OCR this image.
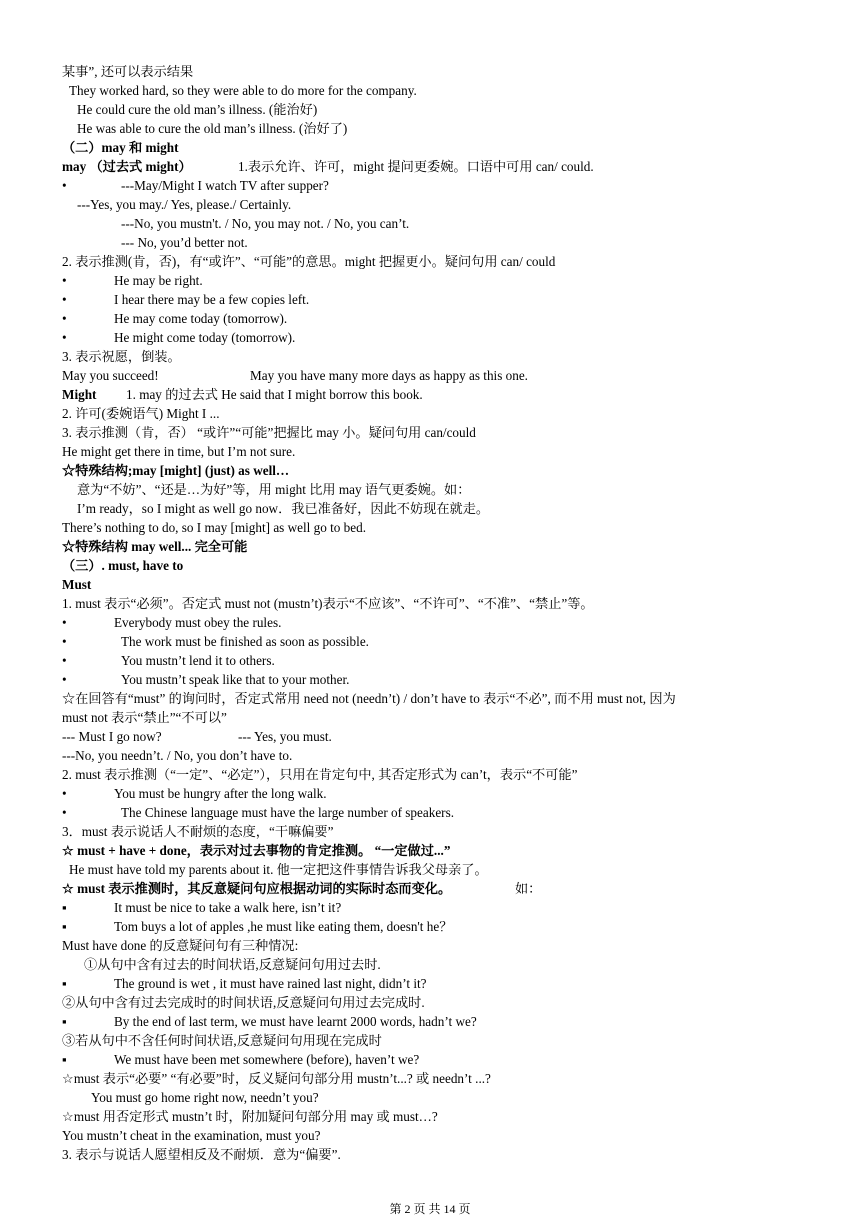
某事”, 还可以表示结果
They worked hard, so they were able to do more for the company.
He could cure the old man’s illness. (能治好)
He was able to cure the old man’s illness. (治好了)
（二）may 和 might
may （过去式 might）	1.表示允许、许可，might 提问更委婉。口语中可用 can/ could.
•	---May/Might I watch TV after supper?
---Yes, you may./ Yes, please./ Certainly.
---No, you mustn't. / No, you may not. / No, you can’t.
--- No, you’d better not.
2. 表示推测(肯，否)，有“或许”、“可能”的意思。might 把握更小。疑问句用 can/ could
•	He may be right.
•	I hear there may be a few copies left.
•	He may come today (tomorrow).
•	He might come today (tomorrow).
3. 表示祝愿，倒装。
May you succeed!	May you have many more days as happy as this one.
Might 1. may 的过去式 He said that I might borrow this book.
2. 许可(委婉语气) Might I ...
3. 表示推测（肯，否） “或许”“可能”把握比 may 小。疑问句用 can/could
He might get there in time, but I’m not sure.
☆特殊结构;may [might] (just) as well…
意为“不妨”、“还是…为好”等，用 might 比用 may 语气更委婉。如：
I’m ready，so I might as well go now．我已准备好，因此不妨现在就走。
There’s nothing to do, so I may [might] as well go to bed.
☆特殊结构 may well... 完全可能
（三）. must, have to
Must
1. must 表示“必须”。否定式 must not (mustn’t)表示“不应该”、“不许可”、“不准”、“禁止”等。
•	Everybody must obey the rules.
•	The work must be finished as soon as possible.
•	You mustn’t lend it to others.
•	You mustn’t speak like that to your mother.
☆在回答有“must” 的询问时，否定式常用 need not (needn’t) / don’t have to 表示“不必”, 而不用 must not, 因为
must not 表示“禁止”“不可以”
--- Must I go now?	--- Yes, you must.
---No, you needn’t. / No, you don’t have to.
2. must 表示推测（“一定”、“必定”），只用在肯定句中, 其否定形式为 can’t，表示“不可能”
•	You must be hungry after the long walk.
•	The Chinese language must have the large number of speakers.
3．must 表示说话人不耐烦的态度，“干嘛偏要”
☆ must + have + done，表示对过去事物的肯定推测。 “一定做过...”
He must have told my parents about it. 他一定把这件事情告诉我父母亲了。
☆ must 表示推测时，其反意疑问句应根据动词的实际时态而变化。	如：
▪	It must be nice to take a walk here, isn’t it?
▪	Tom buys a lot of apples ,he must like eating them, doesn't he？
Must have done 的反意疑问句有三种情况:
①从句中含有过去的时间状语,反意疑问句用过去时.
▪	The ground is wet , it must have rained last night, didn’t it?
②从句中含有过去完成时的时间状语,反意疑问句用过去完成时.
▪	By the end of last term, we must have learnt 2000 words, hadn’t we?
③若从句中不含任何时间状语,反意疑问句用现在完成时
▪	We must have been met somewhere (before), haven’t we?
☆must 表示“必要” “有必要”时，反义疑问句部分用 mustn’t...? 或 needn’t ...?
You must go home right now, needn’t you?
☆must 用否定形式 mustn’t 时，附加疑问句部分用 may 或 must…?
You mustn’t cheat in the examination, must you?
3. 表示与说话人愿望相反及不耐烦．意为“偏要”.
第 2 页 共 14 页
